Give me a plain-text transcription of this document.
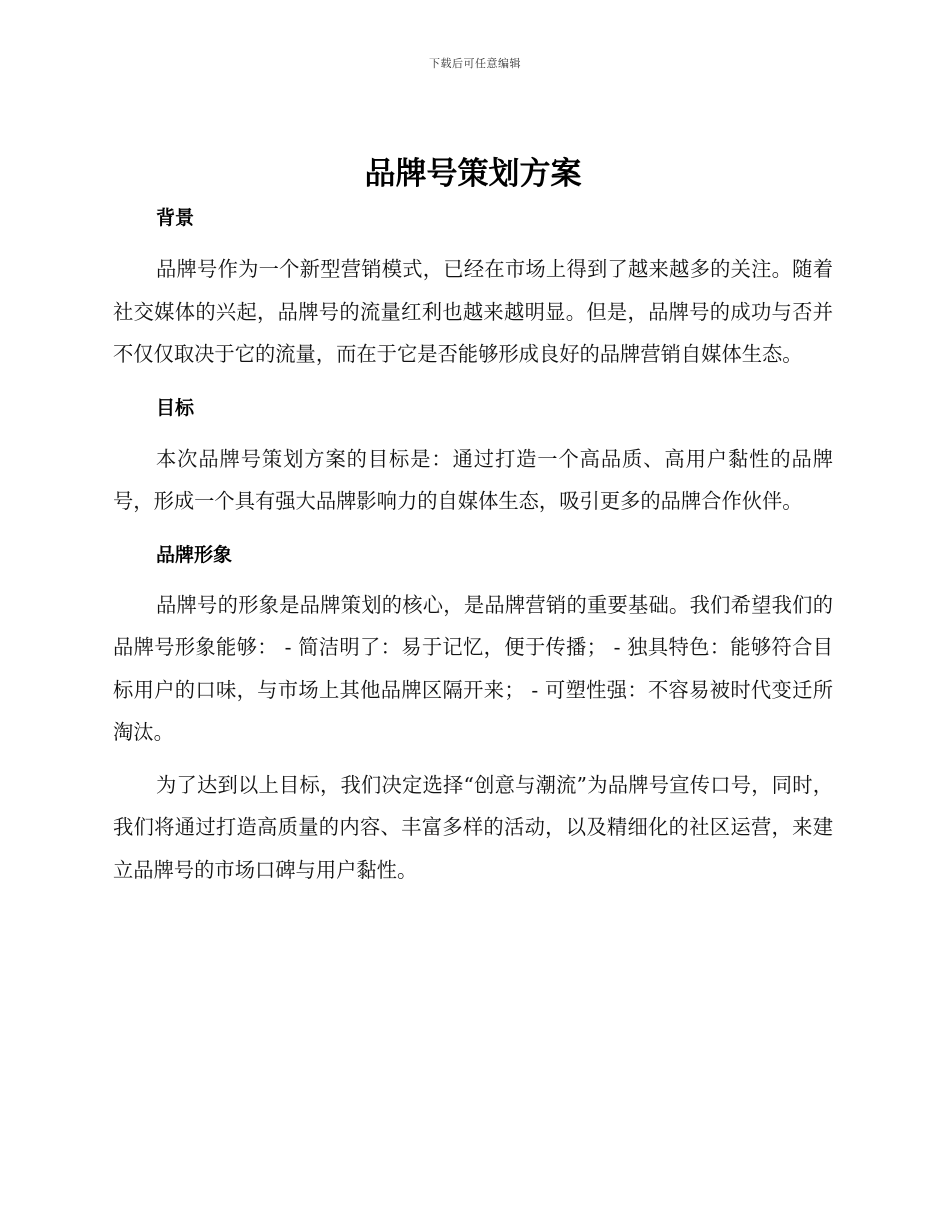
下载后可任意编辑
品牌号策划方案
背景

品牌号作为一个新型营销模式，已经在市场上得到了越来越多的关注。随着社交媒体的兴起，品牌号的流量红利也越来越明显。但是，品牌号的成功与否并不仅仅取决于它的流量，而在于它是否能够形成良好的品牌营销自媒体生态。

目标

本次品牌号策划方案的目标是：通过打造一个高品质、高用户黏性的品牌号，形成一个具有强大品牌影响力的自媒体生态，吸引更多的品牌合作伙伴。

品牌形象

品牌号的形象是品牌策划的核心，是品牌营销的重要基础。我们希望我们的品牌号形象能够： - 简洁明了：易于记忆，便于传播； - 独具特色：能够符合目标用户的口味，与市场上其他品牌区隔开来； - 可塑性强：不容易被时代变迁所淘汰。

为了达到以上目标，我们决定选择“创意与潮流”为品牌号宣传口号，同时，我们将通过打造高质量的内容、丰富多样的活动，以及精细化的社区运营，来建立品牌号的市场口碑与用户黏性。
